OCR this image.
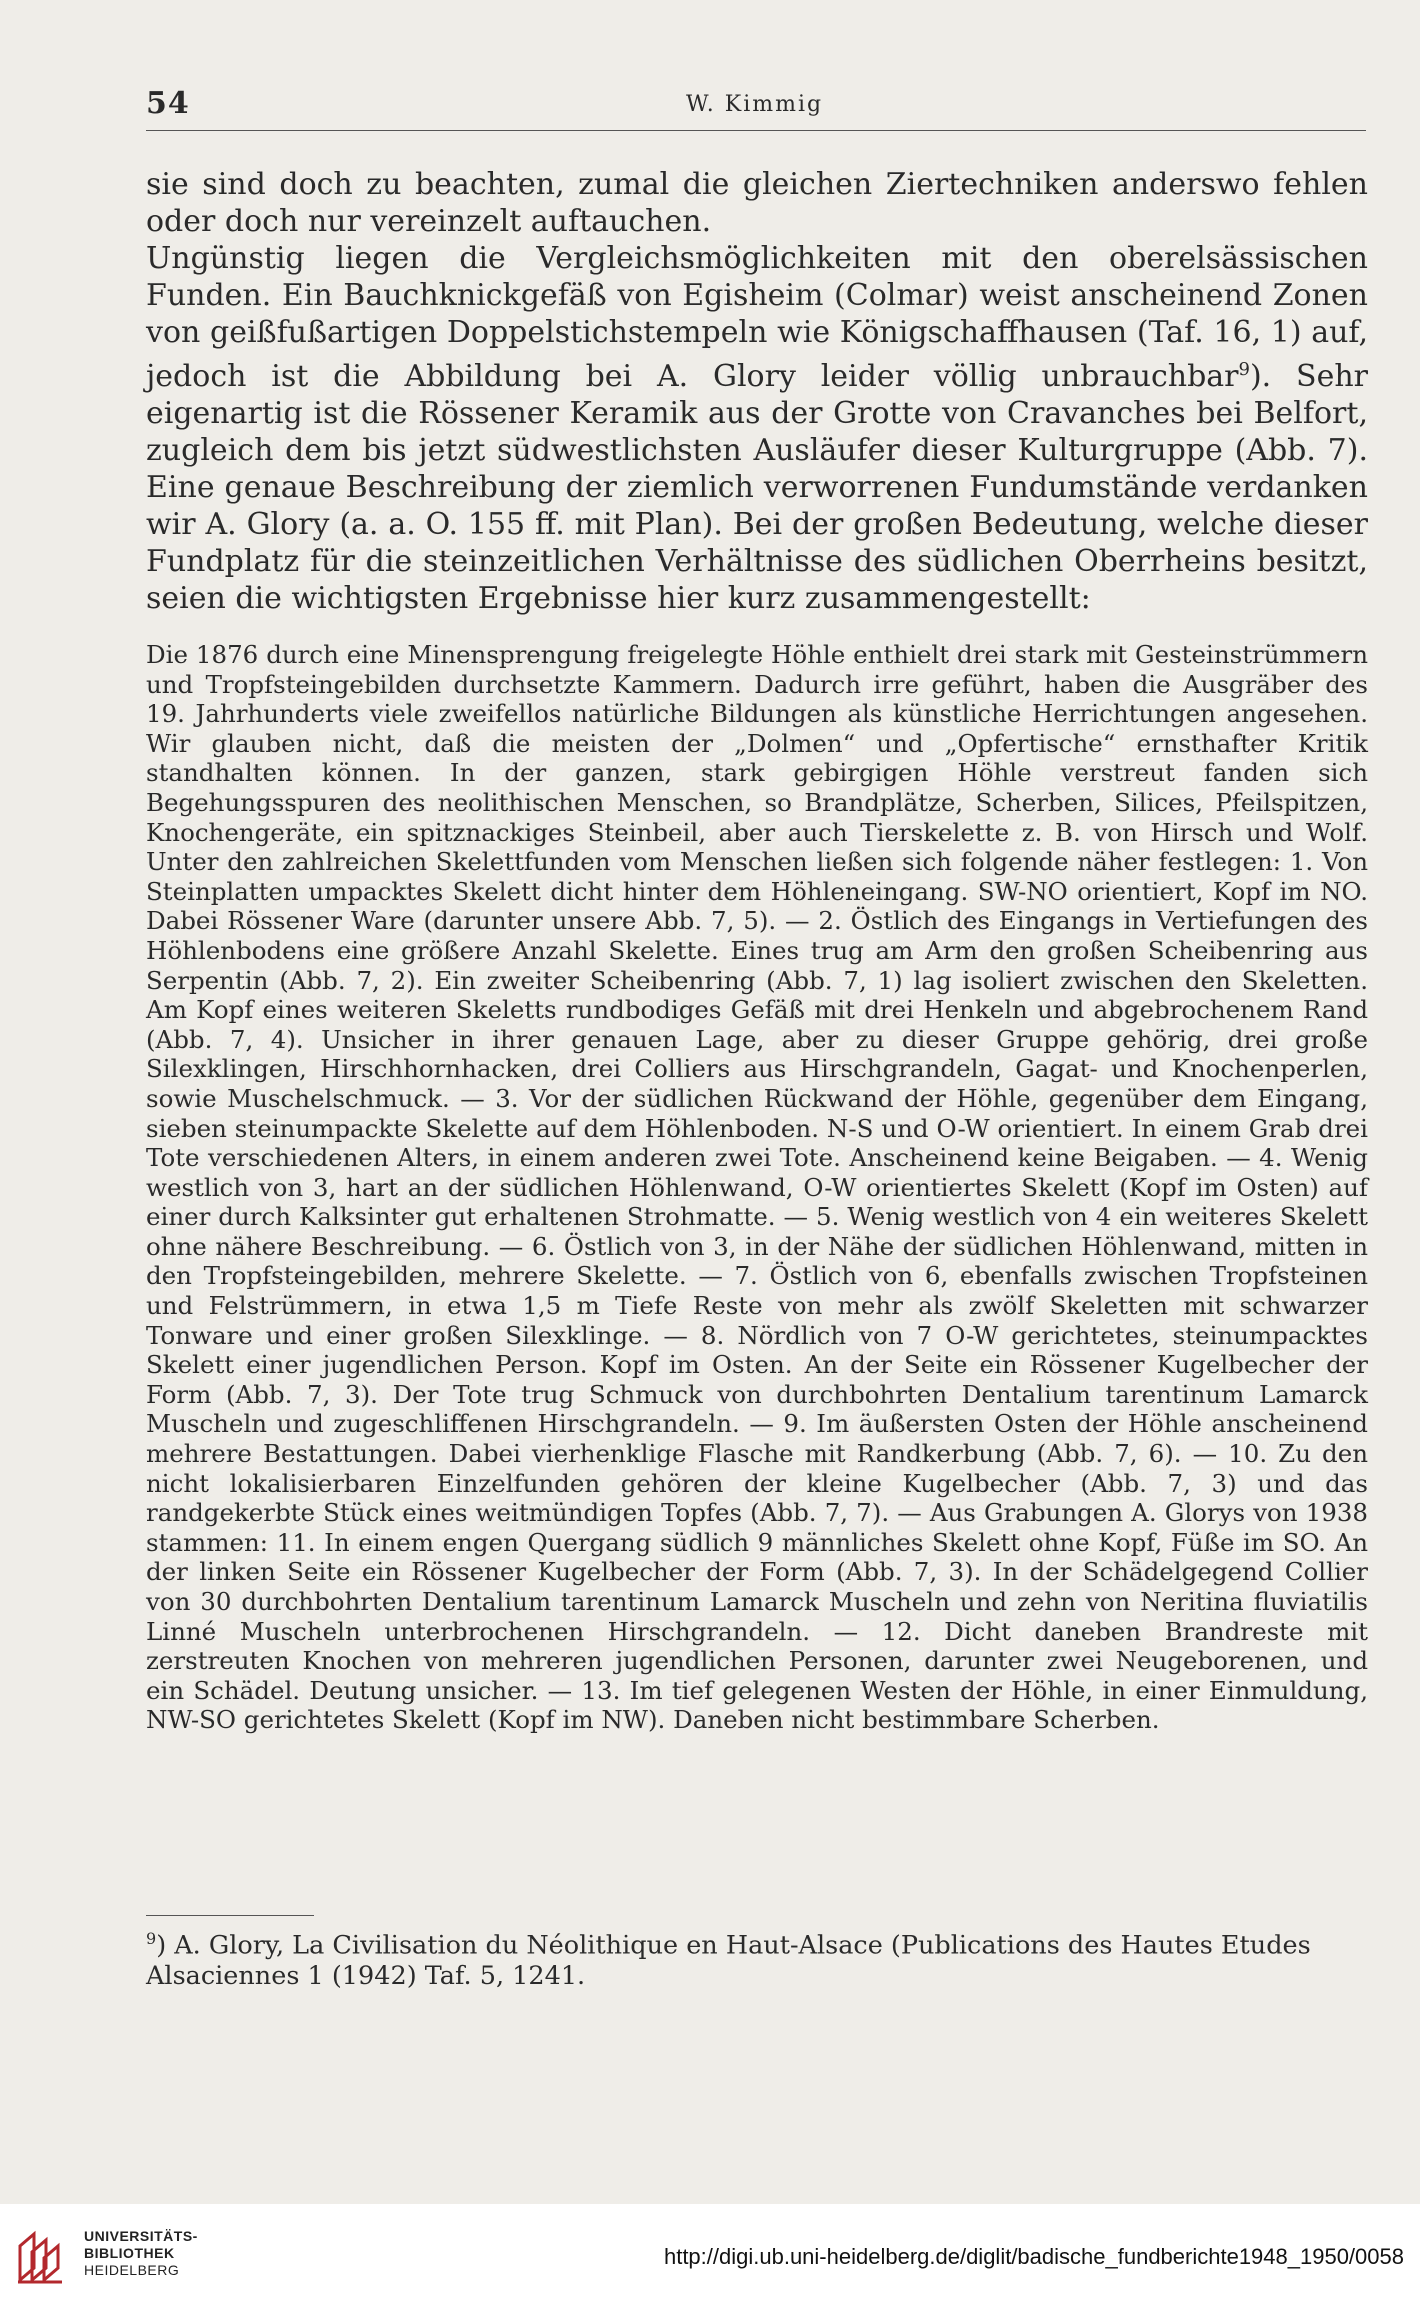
54	W. Kimmig

sie sind doch zu beachten, zumal die gleichen Ziertechniken anderswo fehlen oder doch nur vereinzelt auftauchen.

Ungünstig liegen die Vergleichsmöglichkeiten mit den oberelsässischen Funden. Ein Bauchknickgefäß von Egisheim (Colmar) weist anscheinend Zonen von geißfußartigen Doppelstichstempeln wie Königschaffhausen (Taf. 16, 1) auf, jedoch ist die Abbildung bei A. Glory leider völlig unbrauchbar$^9$). Sehr eigenartig ist die Rössener Keramik aus der Grotte von Cravanches bei Belfort, zugleich dem bis jetzt südwestlichsten Ausläufer dieser Kulturgruppe (Abb. 7). Eine genaue Beschreibung der ziemlich verworrenen Fundumstände verdanken wir A. Glory (a. a. O. 155 ff. mit Plan). Bei der großen Bedeutung, welche dieser Fundplatz für die steinzeitlichen Verhältnisse des südlichen Oberrheins besitzt, seien die wichtigsten Ergebnisse hier kurz zusammengestellt:

Die 1876 durch eine Minensprengung freigelegte Höhle enthielt drei stark mit Gesteinstrümmern und Tropfsteingebilden durchsetzte Kammern. Dadurch irre geführt, haben die Ausgräber des 19. Jahrhunderts viele zweifellos natürliche Bildungen als künstliche Herrichtungen angesehen. Wir glauben nicht, daß die meisten der „Dolmen“ und „Opfertische“ ernsthafter Kritik standhalten können. In der ganzen, stark gebirgigen Höhle verstreut fanden sich Begehungsspuren des neolithischen Menschen, so Brandplätze, Scherben, Silices, Pfeilspitzen, Knochengeräte, ein spitznackiges Steinbeil, aber auch Tierskelette z. B. von Hirsch und Wolf. Unter den zahlreichen Skelettfunden vom Menschen ließen sich folgende näher festlegen: 1. Von Steinplatten umpacktes Skelett dicht hinter dem Höhleneingang. SW-NO orientiert, Kopf im NO. Dabei Rössener Ware (darunter unsere Abb. 7, 5). — 2. Östlich des Eingangs in Vertiefungen des Höhlenbodens eine größere Anzahl Skelette. Eines trug am Arm den großen Scheibenring aus Serpentin (Abb. 7, 2). Ein zweiter Scheibenring (Abb. 7, 1) lag isoliert zwischen den Skeletten. Am Kopf eines weiteren Skeletts rundbodiges Gefäß mit drei Henkeln und abgebrochenem Rand (Abb. 7, 4). Unsicher in ihrer genauen Lage, aber zu dieser Gruppe gehörig, drei große Silexklingen, Hirschhornhacken, drei Colliers aus Hirschgrandeln, Gagat- und Knochenperlen, sowie Muschelschmuck. — 3. Vor der südlichen Rückwand der Höhle, gegenüber dem Eingang, sieben steinumpackte Skelette auf dem Höhlenboden. N-S und O-W orientiert. In einem Grab drei Tote verschiedenen Alters, in einem anderen zwei Tote. Anscheinend keine Beigaben. — 4. Wenig westlich von 3, hart an der südlichen Höhlenwand, O-W orientiertes Skelett (Kopf im Osten) auf einer durch Kalksinter gut erhaltenen Strohmatte. — 5. Wenig westlich von 4 ein weiteres Skelett ohne nähere Beschreibung. — 6. Östlich von 3, in der Nähe der südlichen Höhlenwand, mitten in den Tropfsteingebilden, mehrere Skelette. — 7. Östlich von 6, ebenfalls zwischen Tropfsteinen und Felstrümmern, in etwa 1,5 m Tiefe Reste von mehr als zwölf Skeletten mit schwarzer Tonware und einer großen Silexklinge. — 8. Nördlich von 7 O-W gerichtetes, steinumpacktes Skelett einer jugendlichen Person. Kopf im Osten. An der Seite ein Rössener Kugelbecher der Form (Abb. 7, 3). Der Tote trug Schmuck von durchbohrten Dentalium tarentinum Lamarck Muscheln und zugeschliffenen Hirschgrandeln. — 9. Im äußersten Osten der Höhle anscheinend mehrere Bestattungen. Dabei vierhenklige Flasche mit Randkerbung (Abb. 7, 6). — 10. Zu den nicht lokalisierbaren Einzelfunden gehören der kleine Kugelbecher (Abb. 7, 3) und das randgekerbte Stück eines weitmündigen Topfes (Abb. 7, 7). — Aus Grabungen A. Glorys von 1938 stammen: 11. In einem engen Quergang südlich 9 männliches Skelett ohne Kopf, Füße im SO. An der linken Seite ein Rössener Kugelbecher der Form (Abb. 7, 3). In der Schädelgegend Collier von 30 durchbohrten Dentalium tarentinum Lamarck Muscheln und zehn von Neritina fluviatilis Linné Muscheln unterbrochenen Hirschgrandeln. — 12. Dicht daneben Brandreste mit zerstreuten Knochen von mehreren jugendlichen Personen, darunter zwei Neugeborenen, und ein Schädel. Deutung unsicher. — 13. Im tief gelegenen Westen der Höhle, in einer Einmuldung, NW-SO gerichtetes Skelett (Kopf im NW). Daneben nicht bestimmbare Scherben.

$^9$) A. Glory, La Civilisation du Néolithique en Haut-Alsace (Publications des Hautes Etudes Alsaciennes 1 (1942) Taf. 5, 1241.
UNIVERSITÄTS-
BIBLIOTHEK
HEIDELBERG
http://digi.ub.uni-heidelberg.de/diglit/badische_fundberichte1948_1950/0058
